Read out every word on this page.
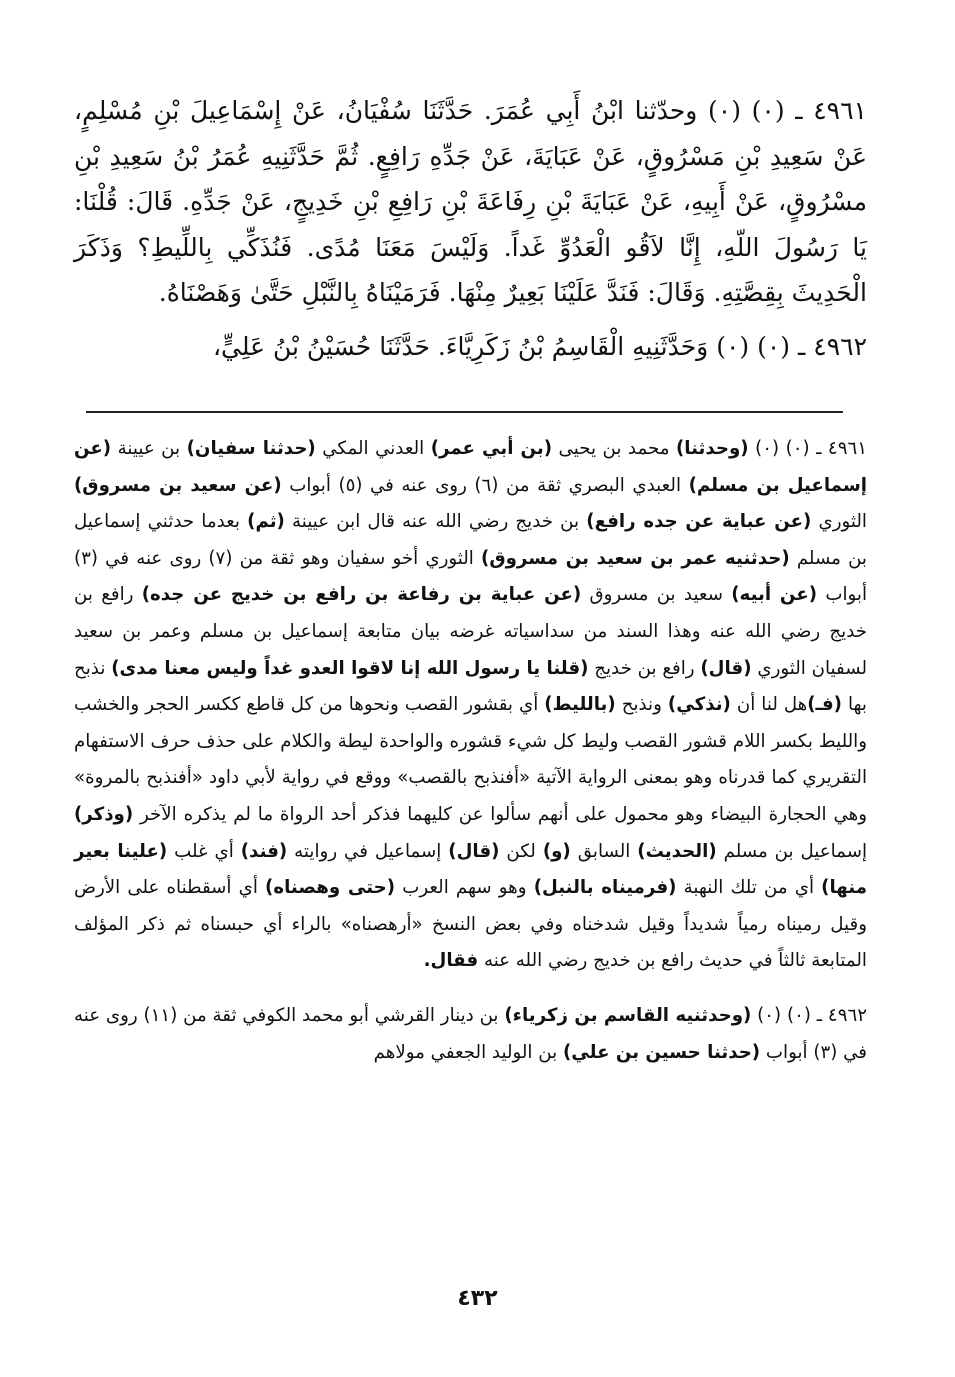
٤٩٦١ ـ (٠) (٠) وحدّثنا ابْنُ أَبِي عُمَرَ. حَدَّثَنَا سُفْيَانُ، عَنْ إِسْمَاعِيلَ بْنِ مُسْلِمٍ، عَنْ سَعِيدِ بْنِ مَسْرُوقٍ، عَنْ عَبَايَةَ، عَنْ جَدِّهِ رَافِعٍ. ثُمَّ حَدَّثَنِيهِ عُمَرُ بْنُ سَعِيدِ بْنِ مسْرُوقٍ، عَنْ أَبِيهِ، عَنْ عَبَايَةَ بْنِ رِفَاعَةَ بْنِ رَافِعِ بْنِ خَدِيجٍ، عَنْ جَدِّهِ. قَالَ: قُلْنَا: يَا رَسُولَ اللّهِ، إِنَّا لاَقُو الْعَدُوِّ غَداً. وَلَيْسَ مَعَنَا مُدًى. فَنُذَكِّي بِاللِّيطِ؟ وَذَكَرَ الْحَدِيثَ بِقِصَّتِهِ. وَقَالَ: فَنَدَّ عَلَيْنَا بَعِيرٌ مِنْهَا. فَرَمَيْنَاهُ بِالنَّبْلِ حَتَّىٰ وَهَصْنَاهُ.

٤٩٦٢ ـ (٠) (٠) وَحَدَّثَنِيهِ الْقَاسِمُ بْنُ زَكَرِيَّاءَ. حَدَّثَنَا حُسَيْنُ بْنُ عَلِيٍّ،

٤٩٦١ ـ (٠) (٠) (وحدثنا) محمد بن يحيى (بن أبي عمر) العدني المكي (حدثنا سفيان) بن عيينة (عن إسماعيل بن مسلم) العبدي البصري ثقة من (٦) روى عنه في (٥) أبواب (عن سعيد بن مسروق) الثوري (عن عباية عن جده رافع) بن خديج رضي الله عنه قال ابن عيينة (ثم) بعدما حدثني إسماعيل بن مسلم (حدثنيه عمر بن سعيد بن مسروق) الثوري أخو سفيان وهو ثقة من (٧) روى عنه في (٣) أبواب (عن أبيه) سعيد بن مسروق (عن عباية بن رفاعة بن رافع بن خديج عن جده) رافع بن خديج رضي الله عنه وهذا السند من سداسياته غرضه بيان متابعة إسماعيل بن مسلم وعمر بن سعيد لسفيان الثوري (قال) رافع بن خديج (قلنا يا رسول الله إنا لاقوا العدو غداً وليس معنا مدى) نذبح بها (فـ)هل لنا أن (نذكي) ونذبح (بالليط) أي بقشور القصب ونحوها من كل قاطع ككسر الحجر والخشب والليط بكسر اللام قشور القصب وليط كل شيء قشوره والواحدة ليطة والكلام على حذف حرف الاستفهام التقريري كما قدرناه وهو بمعنى الرواية الآتية «أفنذبح بالقصب» ووقع في رواية لأبي داود «أفنذبح بالمروة» وهي الحجارة البيضاء وهو محمول على أنهم سألوا عن كليهما فذكر أحد الرواة ما لم يذكره الآخر (وذكر) إسماعيل بن مسلم (الحديث) السابق (و) لكن (قال) إسماعيل في روايته (فند) أي غلب (علينا بعير منها) أي من تلك النهبة (فرميناه بالنبل) وهو سهم العرب (حتى وهصناه) أي أسقطناه على الأرض وقيل رميناه رمياً شديداً وقيل شدخناه وفي بعض النسخ «أرهصناه» بالراء أي حبسناه ثم ذكر المؤلف المتابعة ثالثاً في حديث رافع بن خديج رضي الله عنه فقال.

٤٩٦٢ ـ (٠) (٠) (وحدثنيه القاسم بن زكرياء) بن دينار القرشي أبو محمد الكوفي ثقة من (١١) روى عنه في (٣) أبواب (حدثنا حسين بن علي) بن الوليد الجعفي مولاهم

٤٣٢
